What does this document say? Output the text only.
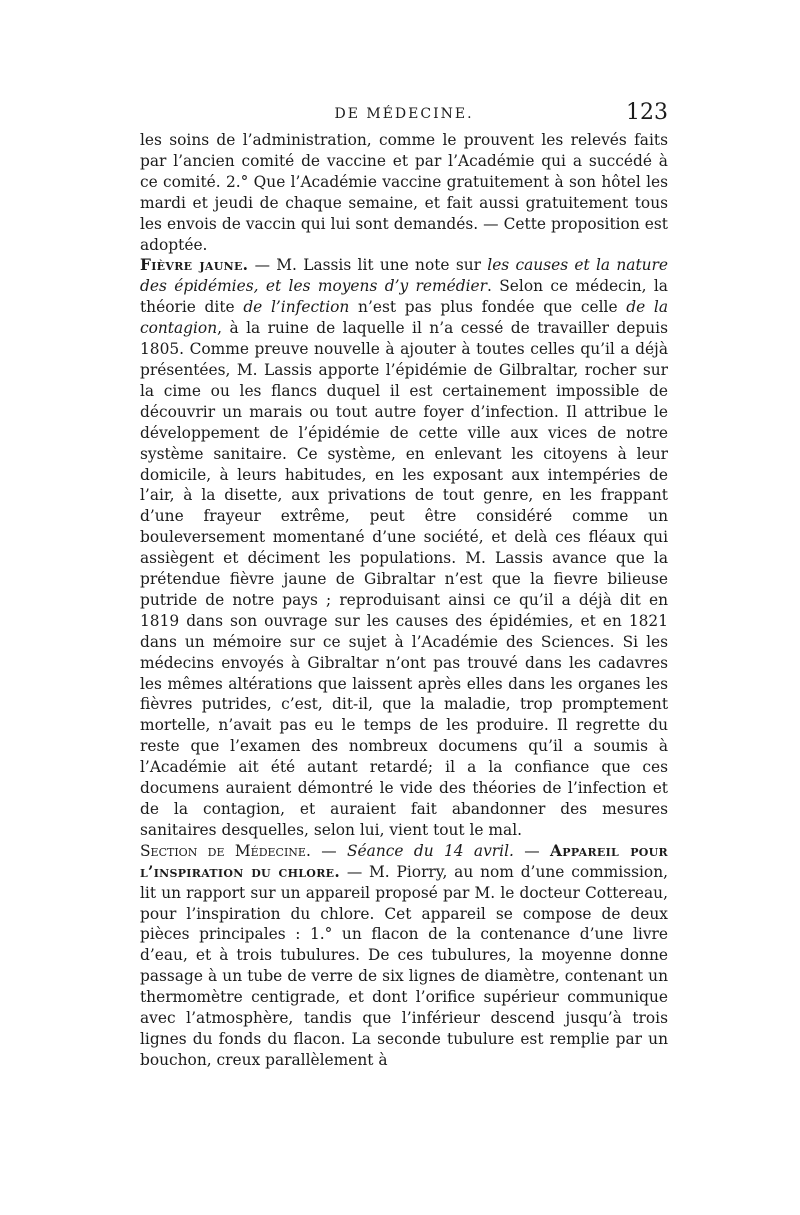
DE MÉDECINE.	123

les soins de l’administration, comme le prouvent les relevés faits par l’ancien comité de vaccine et par l’Académie qui a succédé à ce comité. 2.° Que l’Académie vaccine gratuitement à son hôtel les mardi et jeudi de chaque semaine, et fait aussi gratuitement tous les envois de vaccin qui lui sont demandés. — Cette proposition est adoptée.

Fièvre jaune. — M. Lassis lit une note sur les causes et la nature des épidémies, et les moyens d’y remédier. Selon ce médecin, la théorie dite de l’infection n’est pas plus fondée que celle de la contagion, à la ruine de laquelle il n’a cessé de travailler depuis 1805. Comme preuve nouvelle à ajouter à toutes celles qu’il a déjà présentées, M. Lassis apporte l’épidémie de Gilbraltar, rocher sur la cime ou les flancs duquel il est certainement impossible de découvrir un marais ou tout autre foyer d’infection. Il attribue le développement de l’épidémie de cette ville aux vices de notre système sanitaire. Ce système, en enlevant les citoyens à leur domicile, à leurs habitudes, en les exposant aux intempéries de l’air, à la disette, aux privations de tout genre, en les frappant d’une frayeur extrême, peut être considéré comme un bouleversement momentané d’une société, et delà ces fléaux qui assiègent et déciment les populations. M. Lassis avance que la prétendue fièvre jaune de Gibraltar n’est que la fievre bilieuse putride de notre pays ; reproduisant ainsi ce qu’il a déjà dit en 1819 dans son ouvrage sur les causes des épidémies, et en 1821 dans un mémoire sur ce sujet à l’Académie des Sciences. Si les médecins envoyés à Gibraltar n’ont pas trouvé dans les cadavres les mêmes altérations que laissent après elles dans les organes les fièvres putrides, c’est, dit-il, que la maladie, trop promptement mortelle, n’avait pas eu le temps de les produire. Il regrette du reste que l’examen des nombreux documens qu’il a soumis à l’Académie ait été autant retardé; il a la confiance que ces documens auraient démontré le vide des théories de l’infection et de la contagion, et auraient fait abandonner des mesures sanitaires desquelles, selon lui, vient tout le mal.

Section de Médecine. — Séance du 14 avril. — Appareil pour l’inspiration du chlore. — M. Piorry, au nom d’une commission, lit un rapport sur un appareil proposé par M. le docteur Cottereau, pour l’inspiration du chlore. Cet appareil se compose de deux pièces principales : 1.° un flacon de la contenance d’une livre d’eau, et à trois tubulures. De ces tubulures, la moyenne donne passage à un tube de verre de six lignes de diamètre, contenant un thermomètre centigrade, et dont l’orifice supérieur communique avec l’atmosphère, tandis que l’inférieur descend jusqu’à trois lignes du fonds du flacon. La seconde tubulure est remplie par un bouchon, creux parallèlement à
